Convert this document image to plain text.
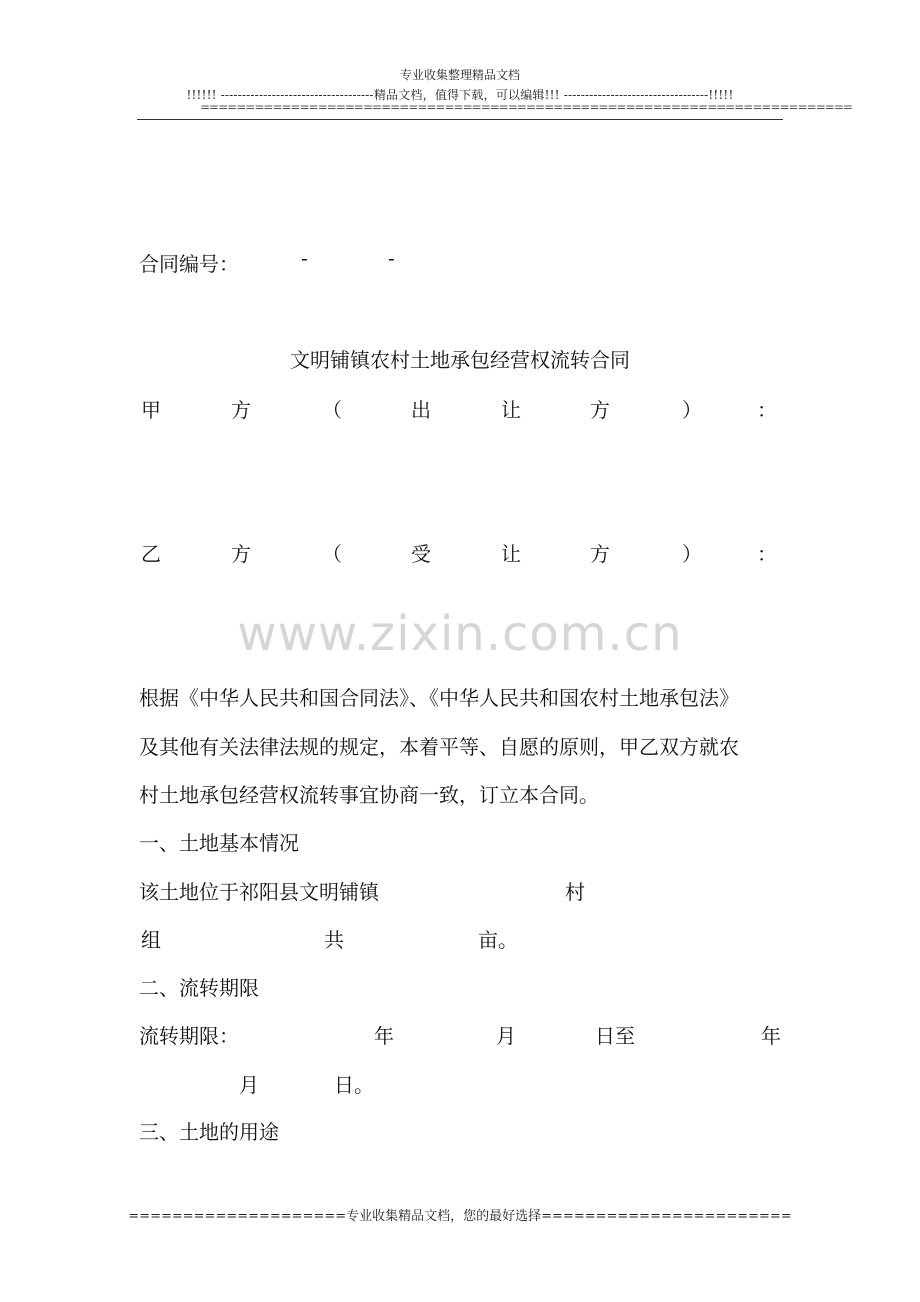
专业收集整理精品文档
!!!!!! ------------------------------------精品文档，值得下载，可以编辑!!! ----------------------------------!!!!!
========================================================================
合同编号：	-	-
文明铺镇农村土地承包经营权流转合同
甲	方	（	出	让	方	）	：
乙	方	（	受	让	方	）	：
www.zixin.com.cn
根据《中华人民共和国合同法》、《中华人民共和国农村土地承包法》
及其他有关法律法规的规定，本着平等、自愿的原则，甲乙双方就农
村土地承包经营权流转事宜协商一致，订立本合同。
一、土地基本情况
该土地位于祁阳县文明铺镇	村
组	共	亩。
二、流转期限
流转期限：	年	月	日至	年
月	日。
三、土地的用途
====================专业收集精品文档，您的最好选择=======================
